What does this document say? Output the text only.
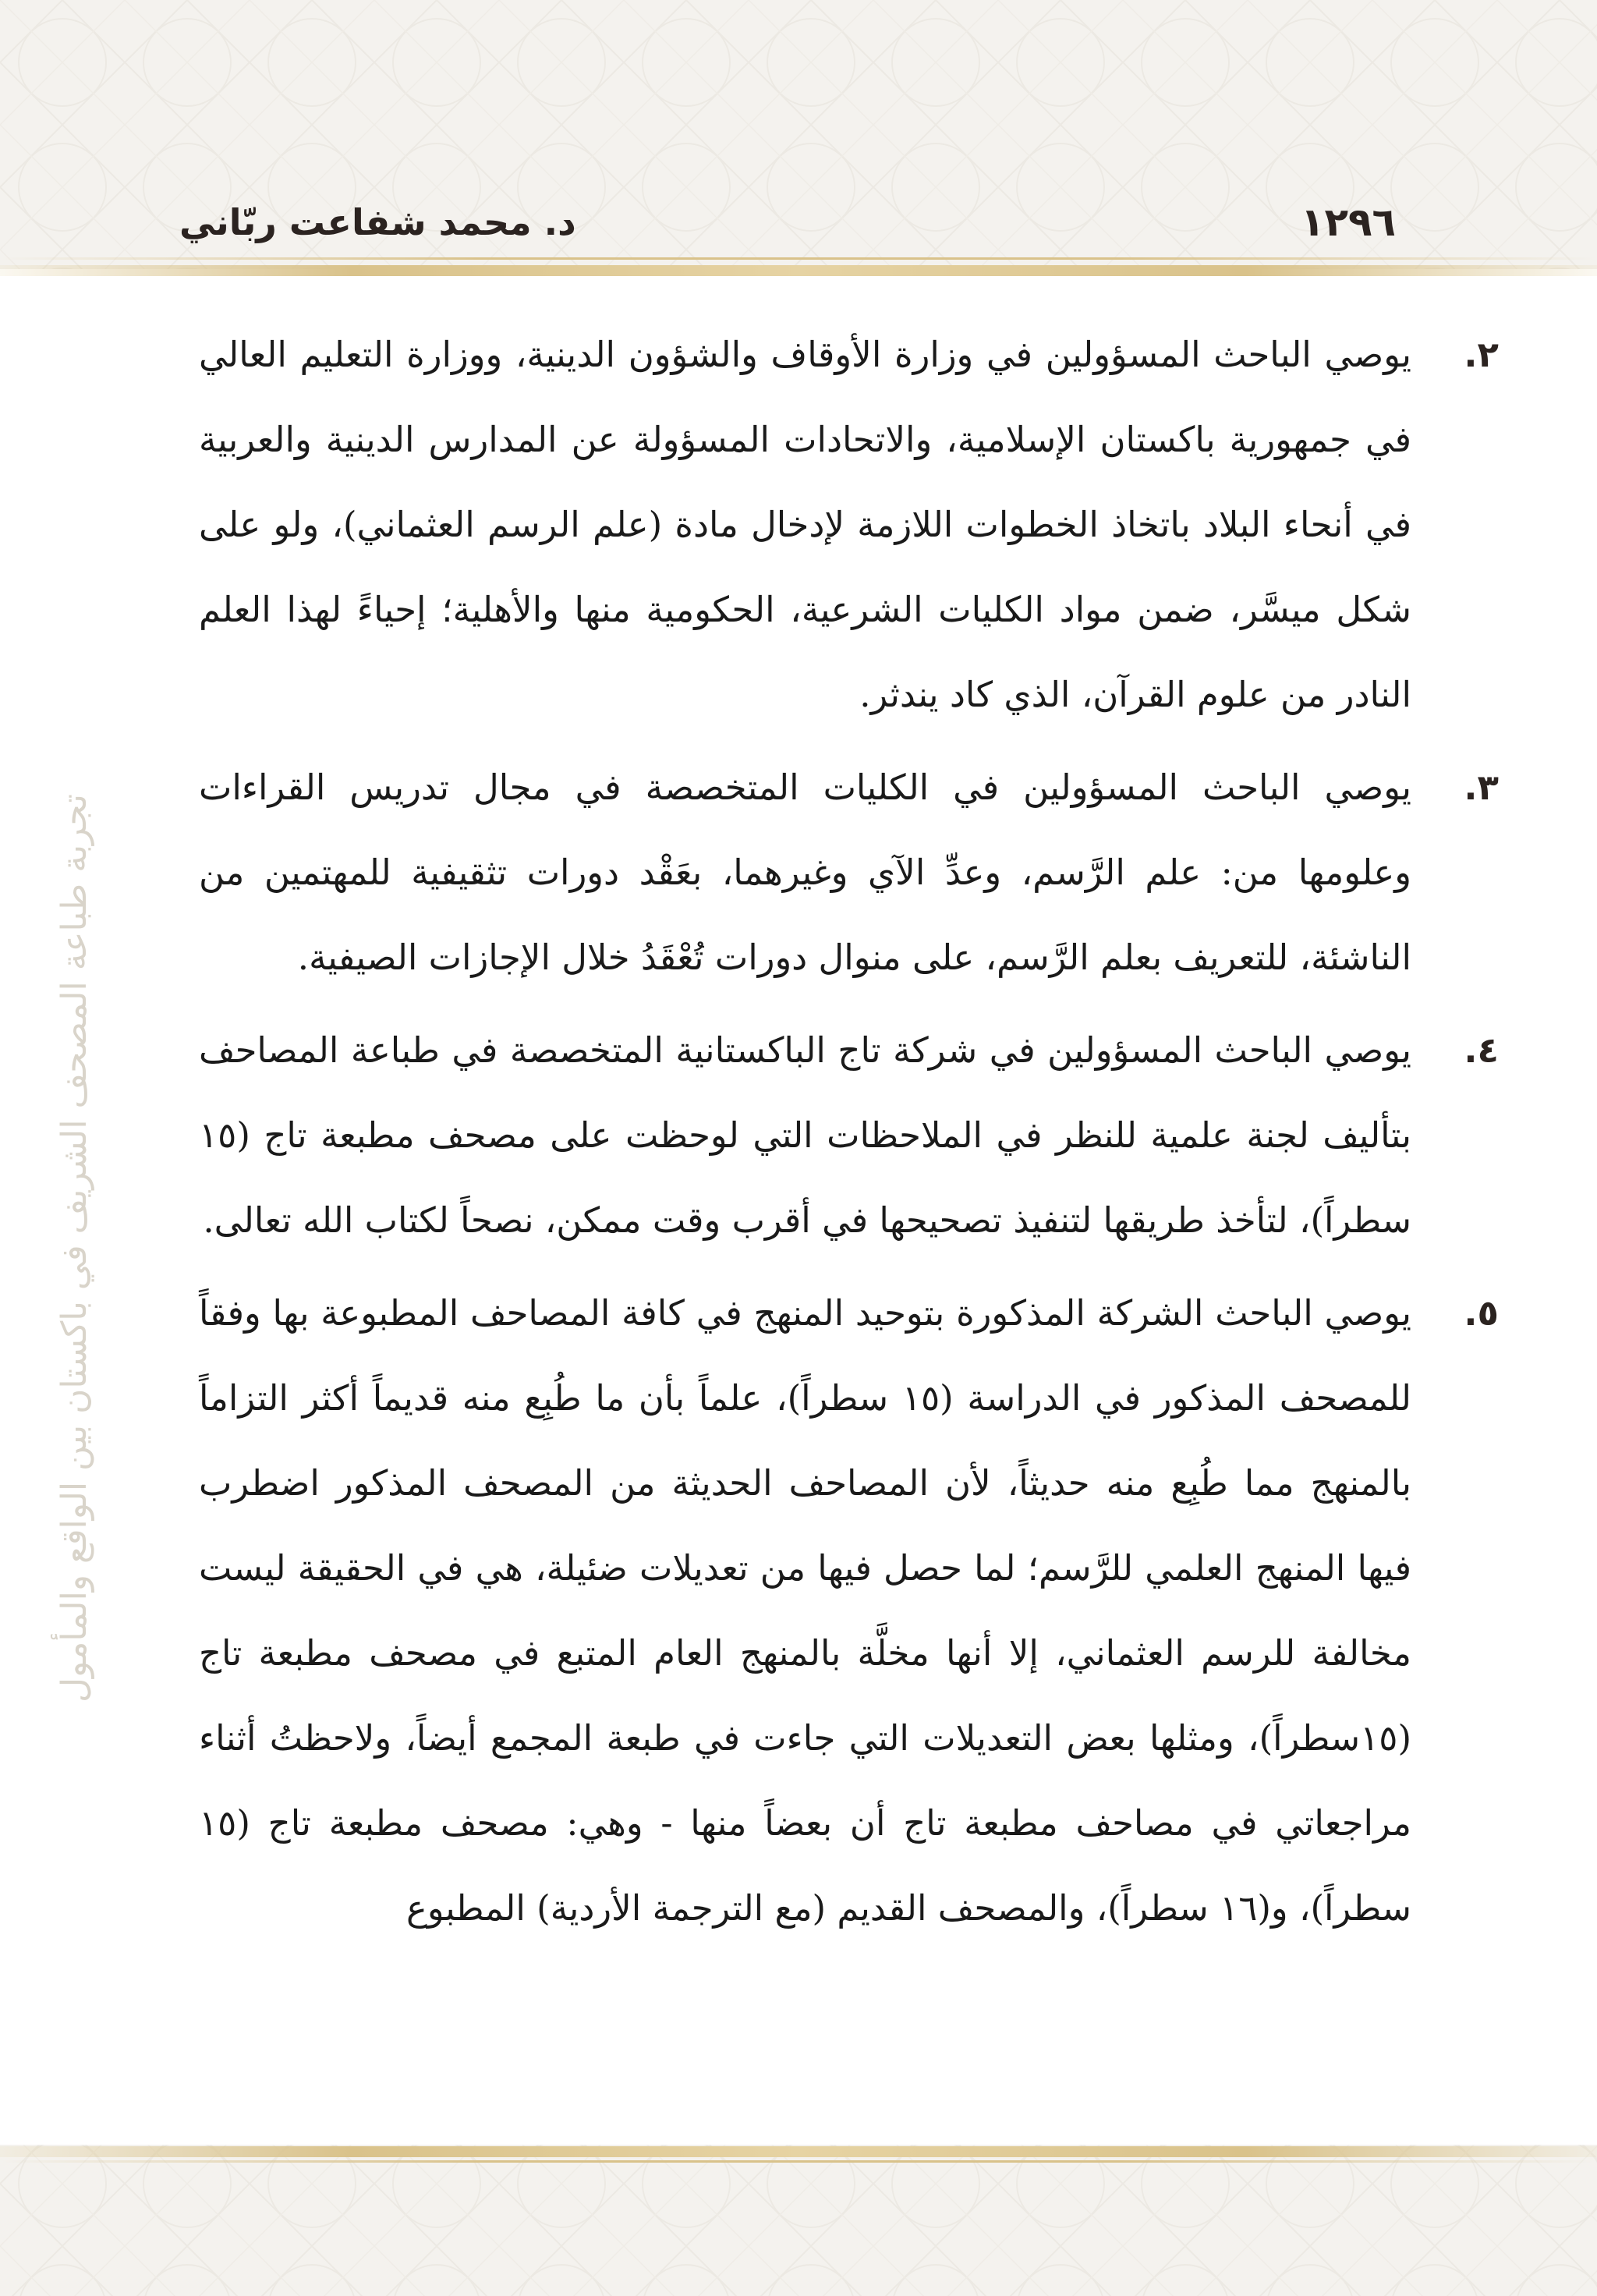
١٢٩٦
د. محمد شفاعت ربّاني
تجربة طباعة المصحف الشريف في باكستان بين الواقع والمأمول
٢.
يوصي الباحث المسؤولين في وزارة الأوقاف والشؤون الدينية، ووزارة التعليم العالي في جمهورية باكستان الإسلامية، والاتحادات المسؤولة عن المدارس الدينية والعربية في أنحاء البلاد باتخاذ الخطوات اللازمة لإدخال مادة (علم الرسم العثماني)، ولو على شكل ميسَّر، ضمن مواد الكليات الشرعية، الحكومية منها والأهلية؛ إحياءً لهذا العلم النادر من علوم القرآن، الذي كاد يندثر.
٣.
يوصي الباحث المسؤولين في الكليات المتخصصة في مجال تدريس القراءات وعلومها من: علم الرَّسم، وعدِّ الآي وغيرهما، بعَقْد دورات تثقيفية للمهتمين من الناشئة، للتعريف بعلم الرَّسم، على منوال دورات تُعْقَدُ خلال الإجازات الصيفية.
٤.
يوصي الباحث المسؤولين في شركة تاج الباكستانية المتخصصة في طباعة المصاحف بتأليف لجنة علمية للنظر في الملاحظات التي لوحظت على مصحف مطبعة تاج (١٥ سطراً)، لتأخذ طريقها لتنفيذ تصحيحها في أقرب وقت ممكن، نصحاً لكتاب الله تعالى.
٥.
يوصي الباحث الشركة المذكورة بتوحيد المنهج في كافة المصاحف المطبوعة بها وفقاً للمصحف المذكور في الدراسة (١٥ سطراً)، علماً بأن ما طُبِع منه قديماً أكثر التزاماً بالمنهج مما طُبِع منه حديثاً، لأن المصاحف الحديثة من المصحف المذكور اضطرب فيها المنهج العلمي للرَّسم؛ لما حصل فيها من تعديلات ضئيلة، هي في الحقيقة ليست مخالفة للرسم العثماني، إلا أنها مخلَّة بالمنهج العام المتبع في مصحف مطبعة تاج (١٥سطراً)، ومثلها بعض التعديلات التي جاءت في طبعة المجمع أيضاً، ولاحظتُ أثناء مراجعاتي في مصاحف مطبعة تاج أن بعضاً منها - وهي: مصحف مطبعة تاج (١٥ سطراً)، و(١٦ سطراً)، والمصحف القديم (مع الترجمة الأردية) المطبوع
